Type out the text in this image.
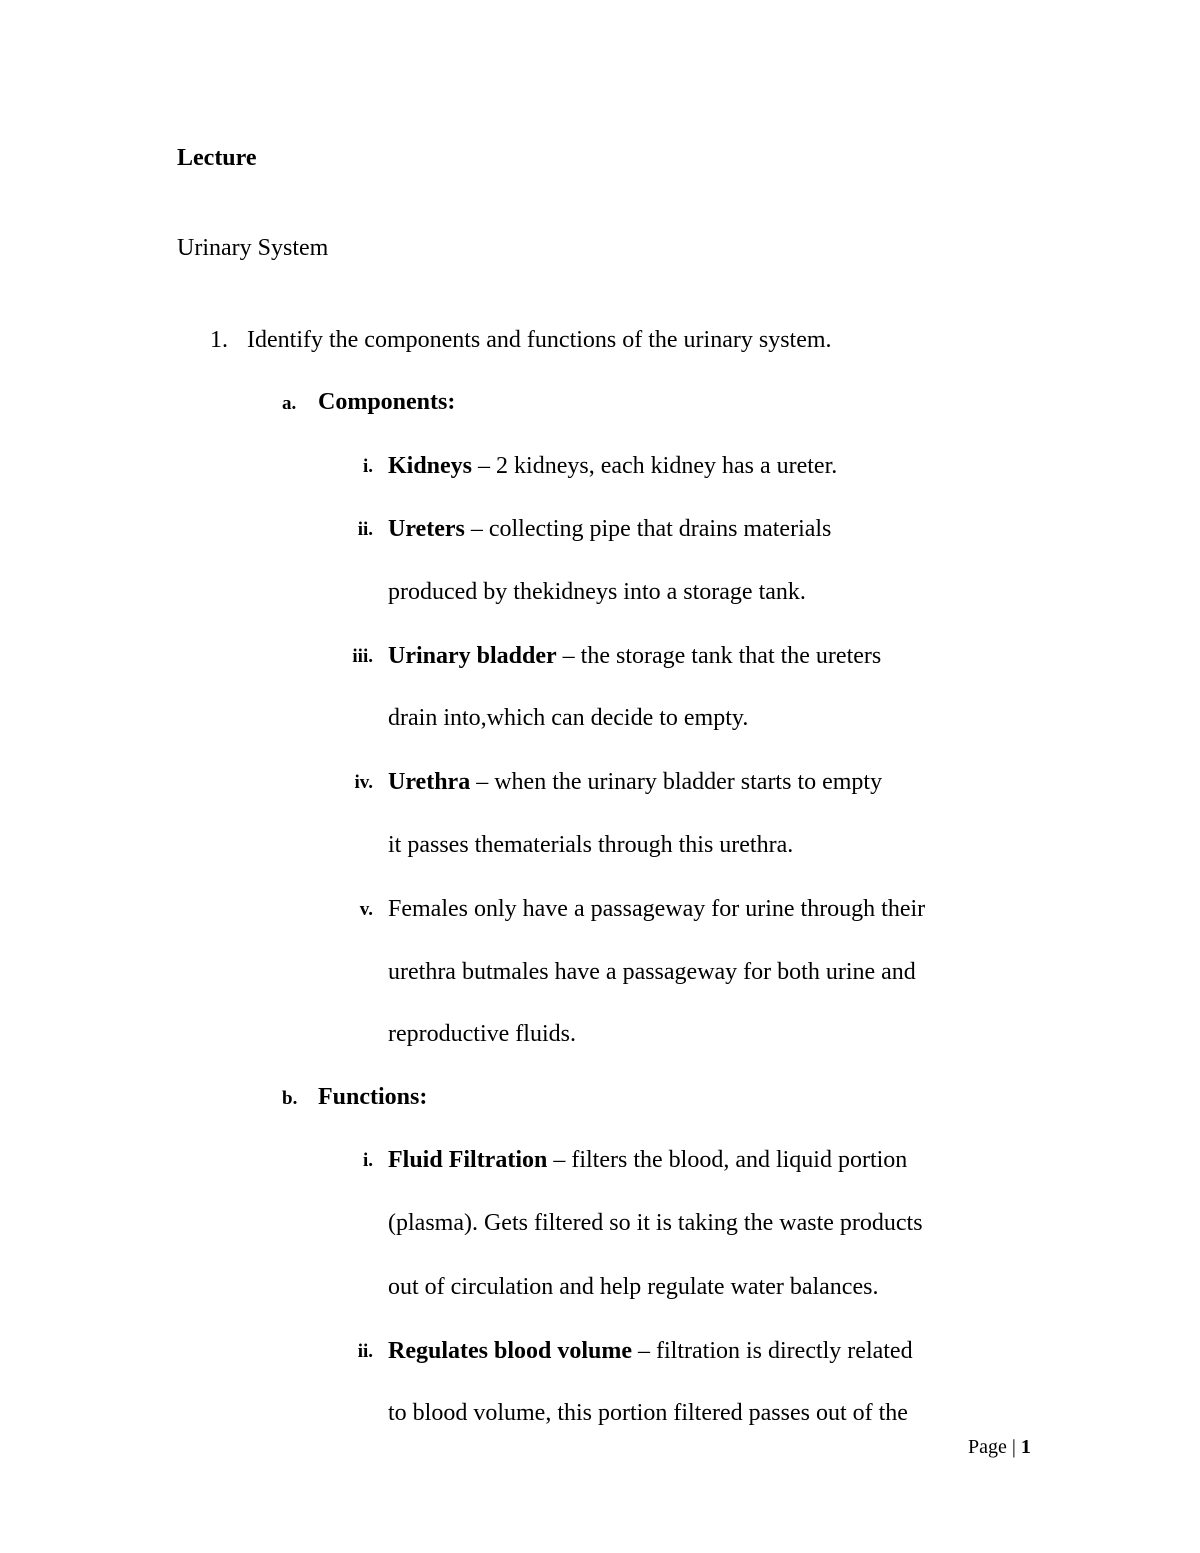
Lecture
Urinary System
1. Identify the components and functions of the urinary system.
a. Components:
i. Kidneys – 2 kidneys, each kidney has a ureter.
ii. Ureters – collecting pipe that drains materials
produced by thekidneys into a storage tank.
iii. Urinary bladder – the storage tank that the ureters
drain into,which can decide to empty.
iv. Urethra – when the urinary bladder starts to empty
it passes thematerials through this urethra.
v. Females only have a passageway for urine through their
urethra butmales have a passageway for both urine and
reproductive fluids.
b. Functions:
i. Fluid Filtration – filters the blood, and liquid portion
(plasma). Gets filtered so it is taking the waste products
out of circulation and help regulate water balances.
ii. Regulates blood volume – filtration is directly related
to blood volume, this portion filtered passes out of the
Page | 1
